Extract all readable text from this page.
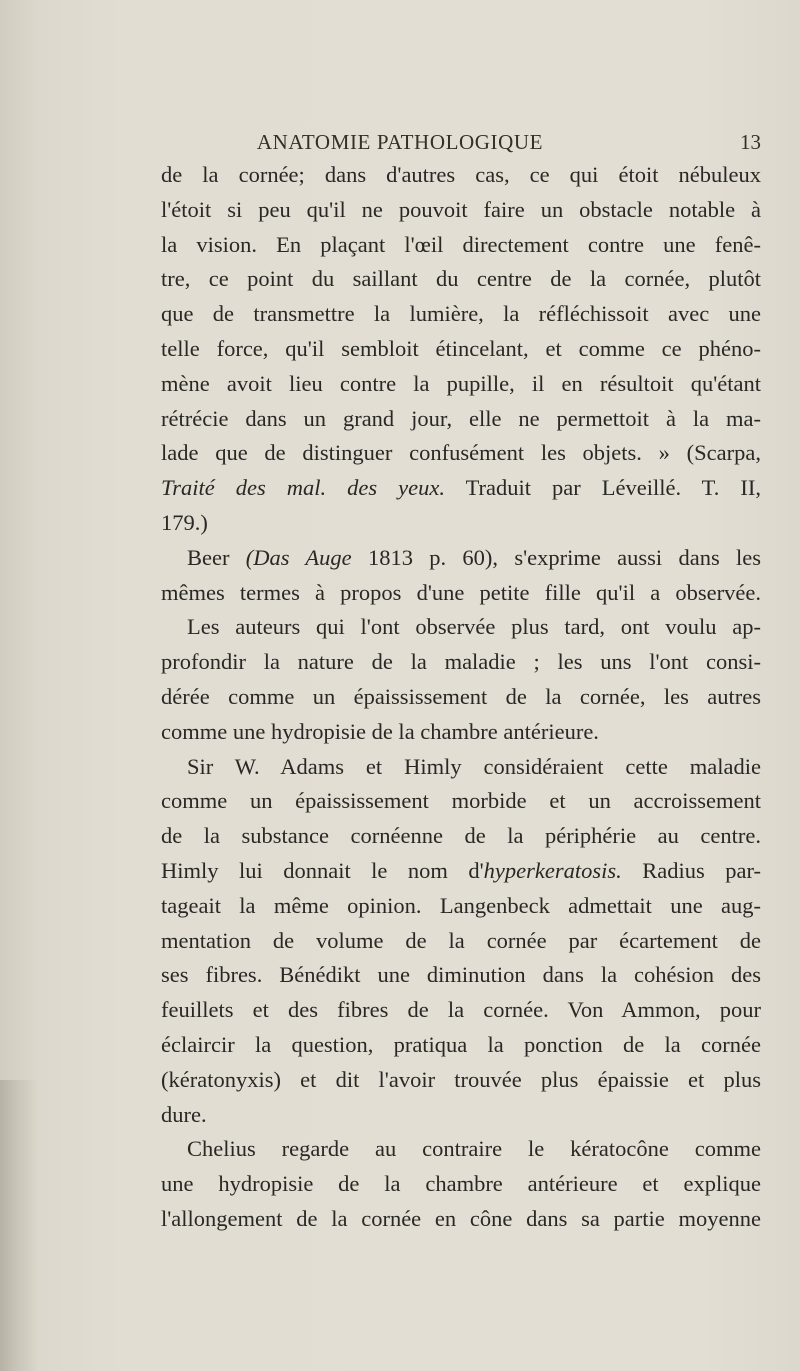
ANATOMIE PATHOLOGIQUE	13
de la cornée; dans d'autres cas, ce qui étoit nébuleux
l'étoit si peu qu'il ne pouvoit faire un obstacle notable à
la vision. En plaçant l'œil directement contre une fenê-
tre, ce point du saillant du centre de la cornée, plutôt
que de transmettre la lumière, la réfléchissoit avec une
telle force, qu'il sembloit étincelant, et comme ce phéno-
mène avoit lieu contre la pupille, il en résultoit qu'étant
rétrécie dans un grand jour, elle ne permettoit à la ma-
lade que de distinguer confusément les objets. » (Scarpa,
Traité des mal. des yeux. Traduit par Léveillé. T. II,
179.)
Beer (Das Auge 1813 p. 60), s'exprime aussi dans les
mêmes termes à propos d'une petite fille qu'il a observée.
Les auteurs qui l'ont observée plus tard, ont voulu ap-
profondir la nature de la maladie ; les uns l'ont consi-
dérée comme un épaississement de la cornée, les autres
comme une hydropisie de la chambre antérieure.
Sir W. Adams et Himly considéraient cette maladie
comme un épaississement morbide et un accroissement
de la substance cornéenne de la périphérie au centre.
Himly lui donnait le nom d'hyperkeratosis. Radius par-
tageait la même opinion. Langenbeck admettait une aug-
mentation de volume de la cornée par écartement de
ses fibres. Bénédikt une diminution dans la cohésion des
feuillets et des fibres de la cornée. Von Ammon, pour
éclaircir la question, pratiqua la ponction de la cornée
(kératonyxis) et dit l'avoir trouvée plus épaissie et plus
dure.
Chelius regarde au contraire le kératocône comme
une hydropisie de la chambre antérieure et explique
l'allongement de la cornée en cône dans sa partie moyenne
